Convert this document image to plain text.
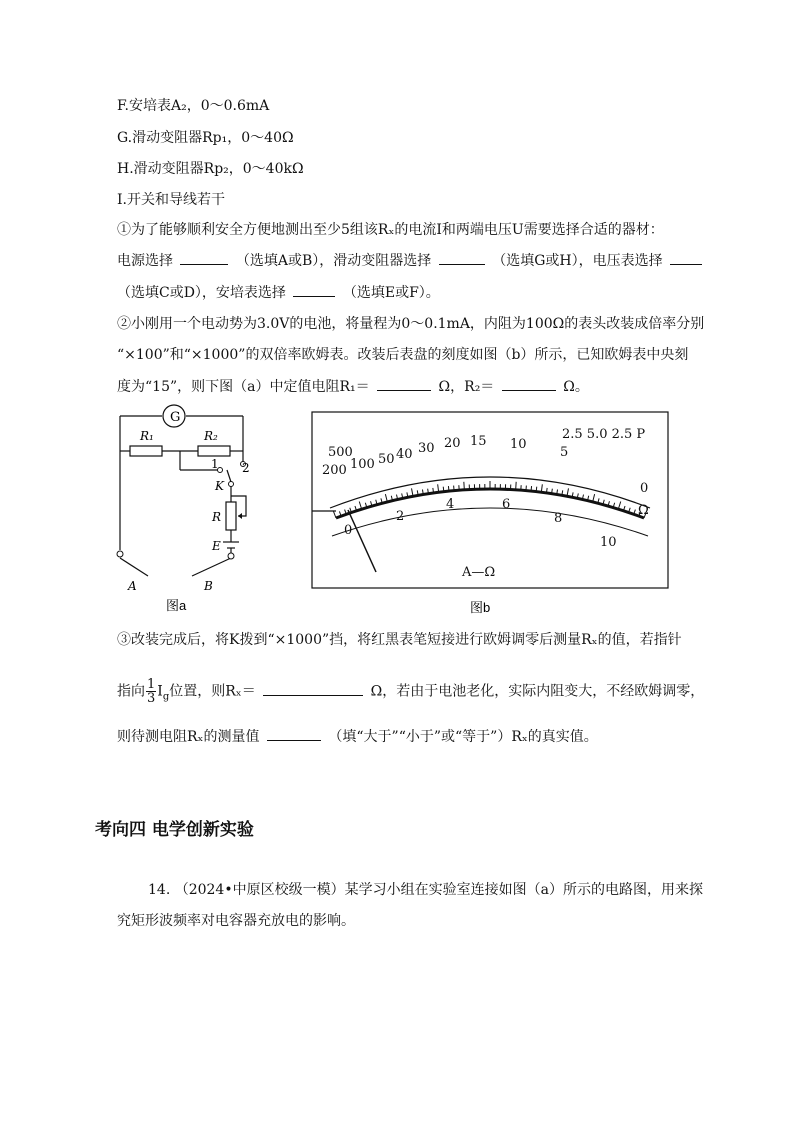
F.安培表A₂，0～0.6mA
G.滑动变阻器Rp₁，0～40Ω
H.滑动变阻器Rp₂，0～40kΩ
I.开关和导线若干
①为了能够顺利安全方便地测出至少5组该Rₓ的电流I和两端电压U需要选择合适的器材：
电源选择	（选填A或B），滑动变阻器选择	（选填G或H），电压表选择
（选填C或D），安培表选择	（选填E或F）。
②小刚用一个电动势为3.0V的电池，将量程为0～0.1mA，内阻为100Ω的表头改装成倍率分别
“×100”和“×1000”的双倍率欧姆表。改装后表盘的刻度如图（b）所示，已知欧姆表中央刻
度为“15”，则下图（a）中定值电阻R₁＝	Ω，R₂＝	Ω。
G
R₁	R₂
1 2
K
R
E
A	B
图a
500
200 100 50 40 30 20 15 10
5
0
0
2
4	6
8
10
2.5 5.0 2.5 P
Ω
A—Ω
图b
③改装完成后，将K拨到“×1000”挡，将红黑表笔短接进行欧姆调零后测量Rₓ的值，若指针
指向 $\frac{1}{3} I_g$位置，则Rₓ＝	Ω，若由于电池老化，实际内阻变大，不经欧姆调零，
则待测电阻Rₓ的测量值	（填“大于”“小于”或“等于”）Rₓ的真实值。
考向四 电学创新实验
14. （2024•中原区校级一模）某学习小组在实验室连接如图（a）所示的电路图，用来探
究矩形波频率对电容器充放电的影响。
